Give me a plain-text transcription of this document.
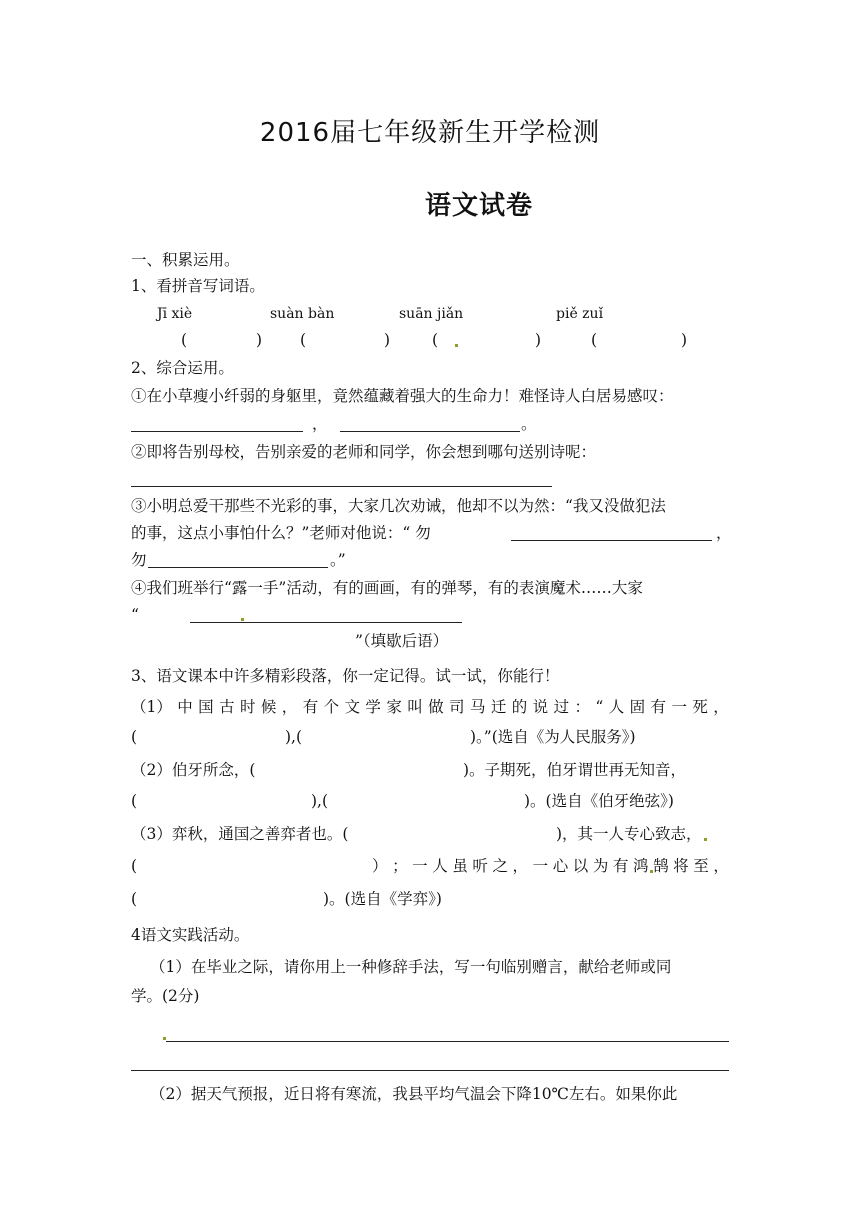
2016届七年级新生开学检测
语文试卷
一、积累运用。
1、看拼音写词语。
Jī xiè	suàn bàn	suān jiǎn	piě zuǐ
(	) (	)	(	)	(	)
2、综合运用。
①在小草瘦小纤弱的身躯里，竟然蕴藏着强大的生命力！难怪诗人白居易感叹：
，	。
②即将告别母校，告别亲爱的老师和同学，你会想到哪句送别诗呢：
③小明总爱干那些不光彩的事，大家几次劝诫，他却不以为然：“我又没做犯法
的事，这点小事怕什么？”老师对他说：“ 勿	，
勿	。”
④我们班举行“露一手”活动，有的画画，有的弹琴，有的表演魔术……大家
“
”（填歇后语）
3、语文课本中许多精彩段落，你一定记得。试一试，你能行！
（1） 中 国 古 时 候 ， 有 个 文 学 家 叫 做 司 马 迁 的 说 过 ： “ 人 固 有 一 死 ，
(	),(	)。”(选自《为人民服务》)
（2）伯牙所念，(	)。子期死，伯牙谓世再无知音，
(	),(	)。(选自《伯牙绝弦》)
（3）弈秋，通国之善弈者也。(	)，其一人专心致志，
(	） ； 一 人 虽 听 之 ， 一 心 以 为 有 鸿 鹄 将 至 ，
(	)。(选自《学弈》)
4语文实践活动。
（1）在毕业之际，请你用上一种修辞手法，写一句临别赠言，献给老师或同
学。(2分)
（2）据天气预报，近日将有寒流，我县平均气温会下降10℃左右。如果你此
